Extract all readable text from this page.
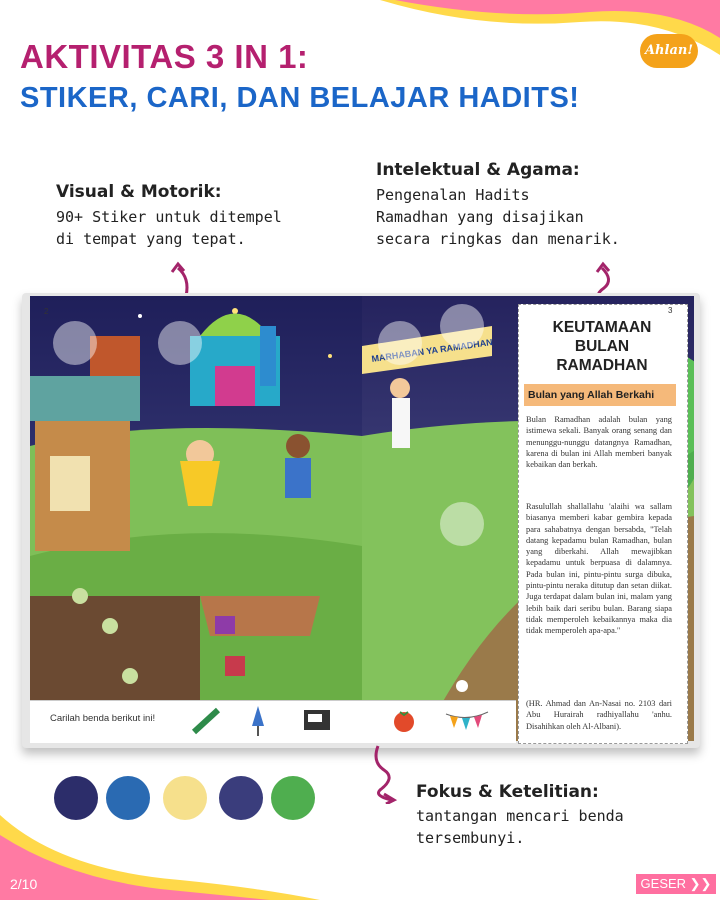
AKTIVITAS 3 IN 1:
STIKER, CARI, DAN BELAJAR HADITS!
Ahlan!
Visual & Motorik:
90+ Stiker untuk ditempel
di tempat yang tepat.
Intelektual & Agama:
Pengenalan Hadits
Ramadhan yang disajikan
secara ringkas dan menarik.
2
MARHABAN YA RAMADHAN
3
KEUTAMAAN
BULAN
RAMADHAN
Bulan yang Allah Berkahi
Bulan Ramadhan adalah bulan yang istimewa sekali. Banyak orang senang dan menunggu-nunggu datangnya Ramadhan, karena di bulan ini Allah memberi banyak kebaikan dan berkah.
Rasulullah shallallahu 'alaihi wa sallam biasanya memberi kabar gembira kepada para sahabatnya dengan bersabda, "Telah datang kepadamu bulan Ramadhan, bulan yang diberkahi. Allah mewajibkan kepadamu untuk berpuasa di dalamnya. Pada bulan ini, pintu-pintu surga dibuka, pintu-pintu neraka ditutup dan setan diikat. Juga terdapat dalam bulan ini, malam yang lebih baik dari seribu bulan. Barang siapa tidak memperoleh kebaikannya maka dia tidak memperoleh apa-apa."
(HR. Ahmad dan An-Nasai no. 2103 dari Abu Hurairah radhiyallahu 'anhu. Disahihkan oleh Al-Albani).
Carilah benda berikut ini!
Fokus & Ketelitian:
tantangan mencari benda
tersembunyi.
2/10	GESER ❯❯
